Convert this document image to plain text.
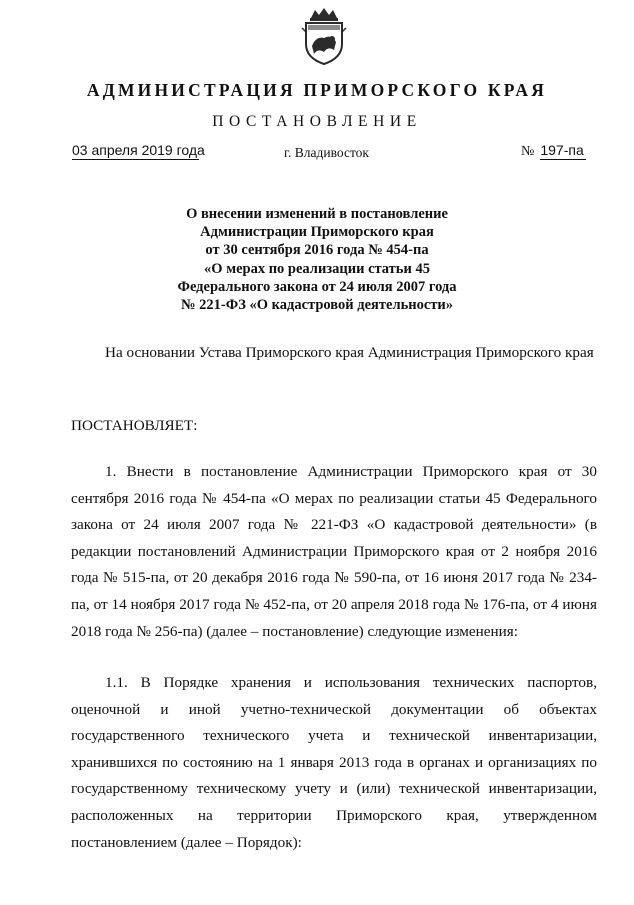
АДМИНИСТРАЦИЯ ПРИМОРСКОГО КРАЯ
ПОСТАНОВЛЕНИЕ
03 апреля 2019 года	г. Владивосток	№ 197-па
О внесении изменений в постановление
Администрации Приморского края
от 30 сентября 2016 года № 454-па
«О мерах по реализации статьи 45
Федерального закона от 24 июля 2007 года
№ 221-ФЗ «О кадастровой деятельности»

На основании Устава Приморского края Администрация Приморского края

ПОСТАНОВЛЯЕТ:

1. Внести в постановление Администрации Приморского края от 30 сентября 2016 года № 454-па «О мерах по реализации статьи 45 Федерального закона от 24 июля 2007 года № 221-ФЗ «О кадастровой деятельности» (в редакции постановлений Администрации Приморского края от 2 ноября 2016 года № 515-па, от 20 декабря 2016 года № 590-па, от 16 июня 2017 года № 234-па, от 14 ноября 2017 года № 452-па, от 20 апреля 2018 года № 176-па, от 4 июня 2018 года № 256-па) (далее – постановление) следующие изменения:

1.1. В Порядке хранения и использования технических паспортов, оценочной и иной учетно-технической документации об объектах государственного технического учета и технической инвентаризации, хранившихся по состоянию на 1 января 2013 года в органах и организациях по государственному техническому учету и (или) технической инвентаризации, расположенных на территории Приморского края, утвержденном постановлением (далее – Порядок):
